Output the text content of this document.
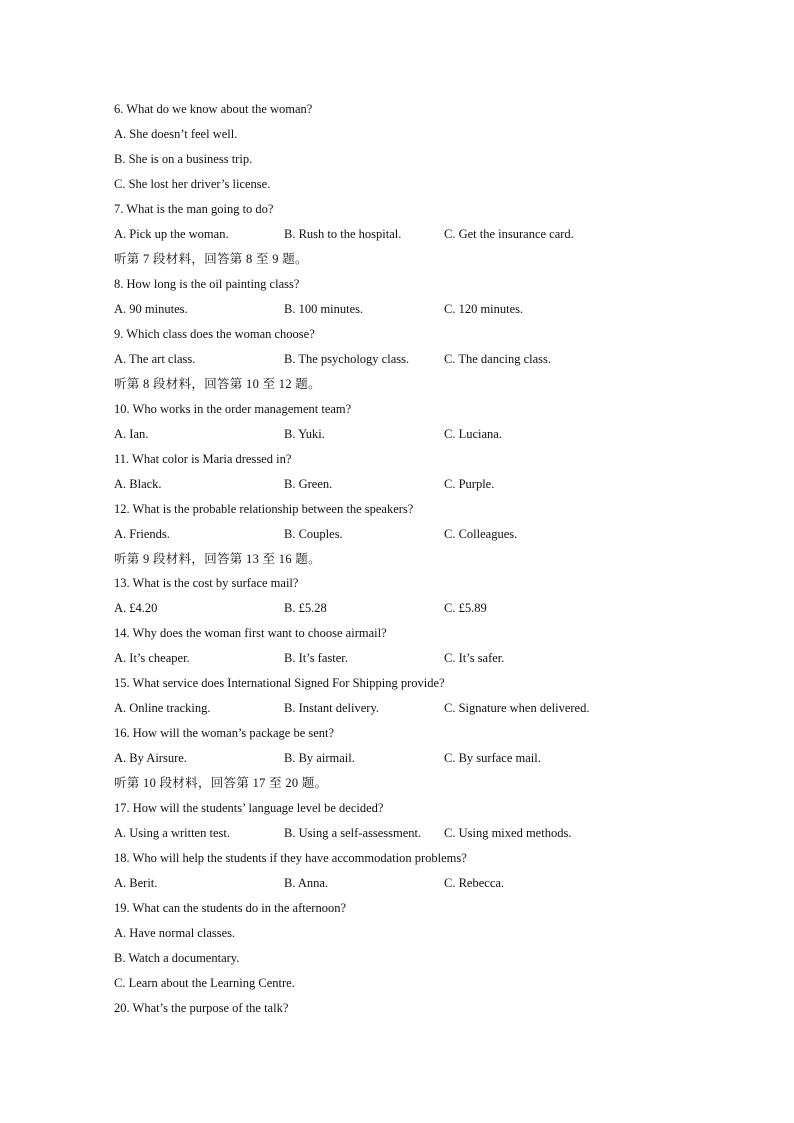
6. What do we know about the woman?
A. She doesn’t feel well.
B. She is on a business trip.
C. She lost her driver’s license.
7. What is the man going to do?
A. Pick up the woman.	B. Rush to the hospital.	C. Get the insurance card.
听第 7 段材料，回答第 8 至 9 题。
8. How long is the oil painting class?
A. 90 minutes.	B. 100 minutes.	C. 120 minutes.
9. Which class does the woman choose?
A. The art class.	B. The psychology class.	C. The dancing class.
听第 8 段材料，回答第 10 至 12 题。
10. Who works in the order management team?
A. Ian.	B. Yuki.	C. Luciana.
11. What color is Maria dressed in?
A. Black.	B. Green.	C. Purple.
12. What is the probable relationship between the speakers?
A. Friends.	B. Couples.	C. Colleagues.
听第 9 段材料，回答第 13 至 16 题。
13. What is the cost by surface mail?
A. £4.20	B. £5.28	C. £5.89
14. Why does the woman first want to choose airmail?
A. It’s cheaper.	B. It’s faster.	C. It’s safer.
15. What service does International Signed For Shipping provide?
A. Online tracking.	B. Instant delivery.	C. Signature when delivered.
16. How will the woman’s package be sent?
A. By Airsure.	B. By airmail.	C. By surface mail.
听第 10 段材料，回答第 17 至 20 题。
17. How will the students’ language level be decided?
A. Using a written test.	B. Using a self-assessment. C. Using mixed methods.
18. Who will help the students if they have accommodation problems?
A. Berit.	B. Anna.	C. Rebecca.
19. What can the students do in the afternoon?
A. Have normal classes.
B. Watch a documentary.
C. Learn about the Learning Centre.
20. What’s the purpose of the talk?
